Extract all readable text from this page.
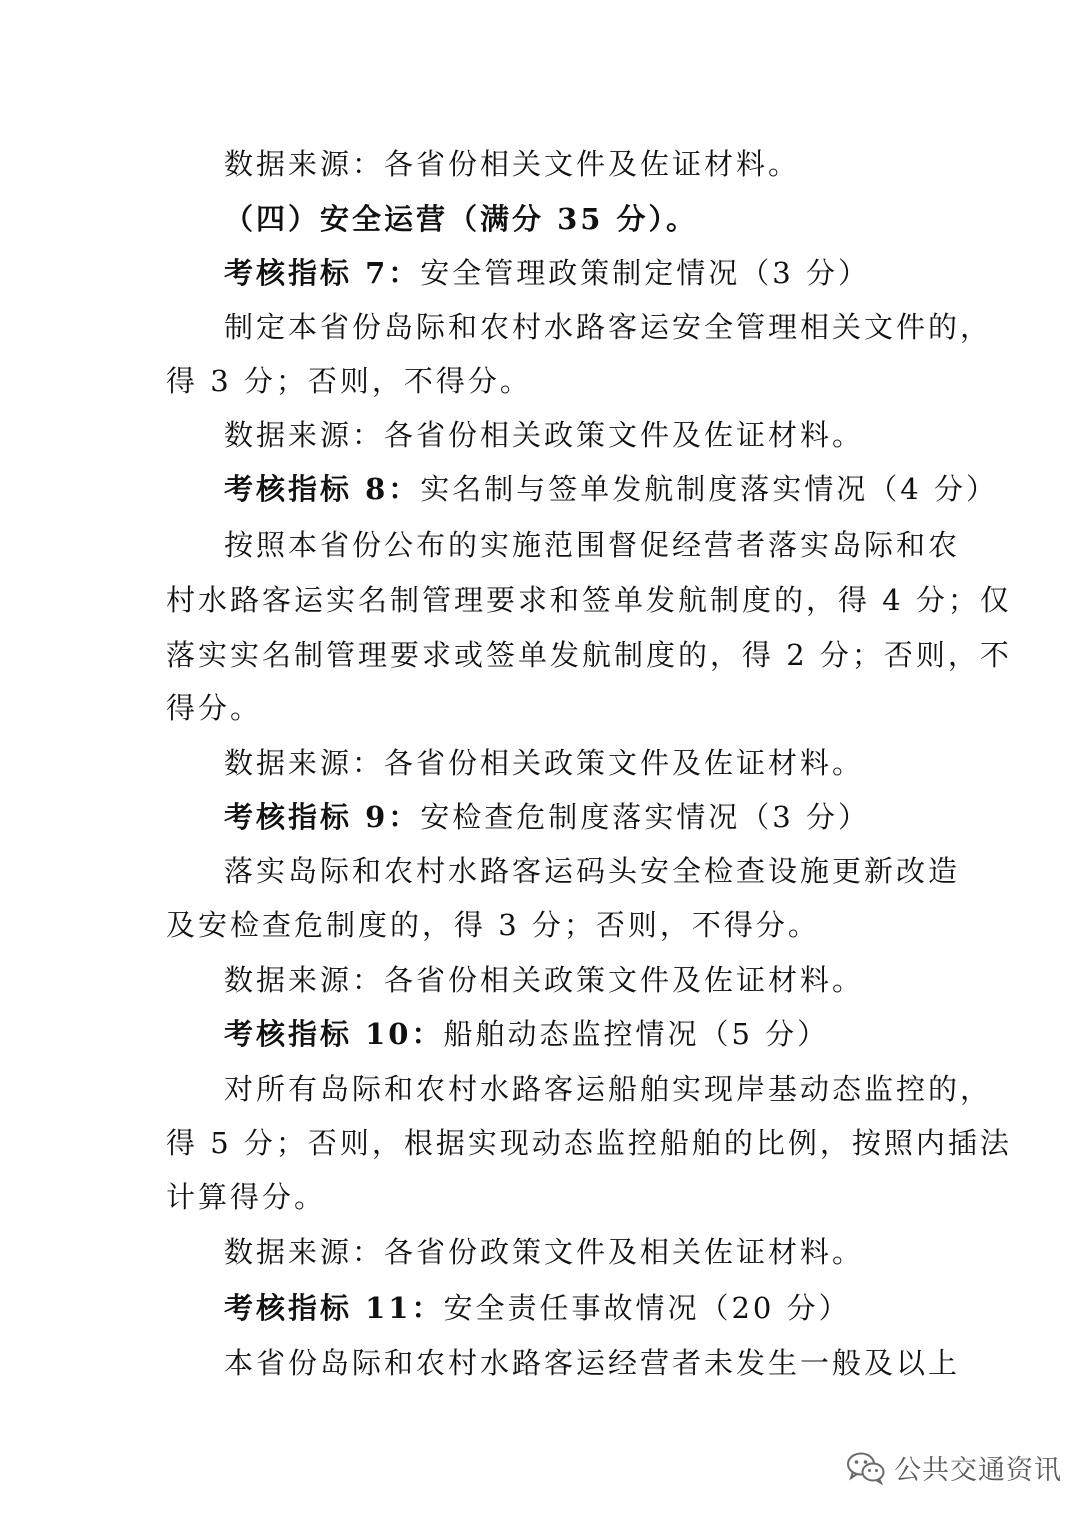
数据来源：各省份相关文件及佐证材料。
（四）安全运营（满分 35 分）。
考核指标 7：安全管理政策制定情况（3 分）
制定本省份岛际和农村水路客运安全管理相关文件的，
得 3 分；否则，不得分。
数据来源：各省份相关政策文件及佐证材料。
考核指标 8：实名制与签单发航制度落实情况（4 分）
按照本省份公布的实施范围督促经营者落实岛际和农
村水路客运实名制管理要求和签单发航制度的，得 4 分；仅
落实实名制管理要求或签单发航制度的，得 2 分；否则，不
得分。
数据来源：各省份相关政策文件及佐证材料。
考核指标 9：安检查危制度落实情况（3 分）
落实岛际和农村水路客运码头安全检查设施更新改造
及安检查危制度的，得 3 分；否则，不得分。
数据来源：各省份相关政策文件及佐证材料。
考核指标 10：船舶动态监控情况（5 分）
对所有岛际和农村水路客运船舶实现岸基动态监控的，
得 5 分；否则，根据实现动态监控船舶的比例，按照内插法
计算得分。
数据来源：各省份政策文件及相关佐证材料。
考核指标 11：安全责任事故情况（20 分）
本省份岛际和农村水路客运经营者未发生一般及以上
公共交通资讯
